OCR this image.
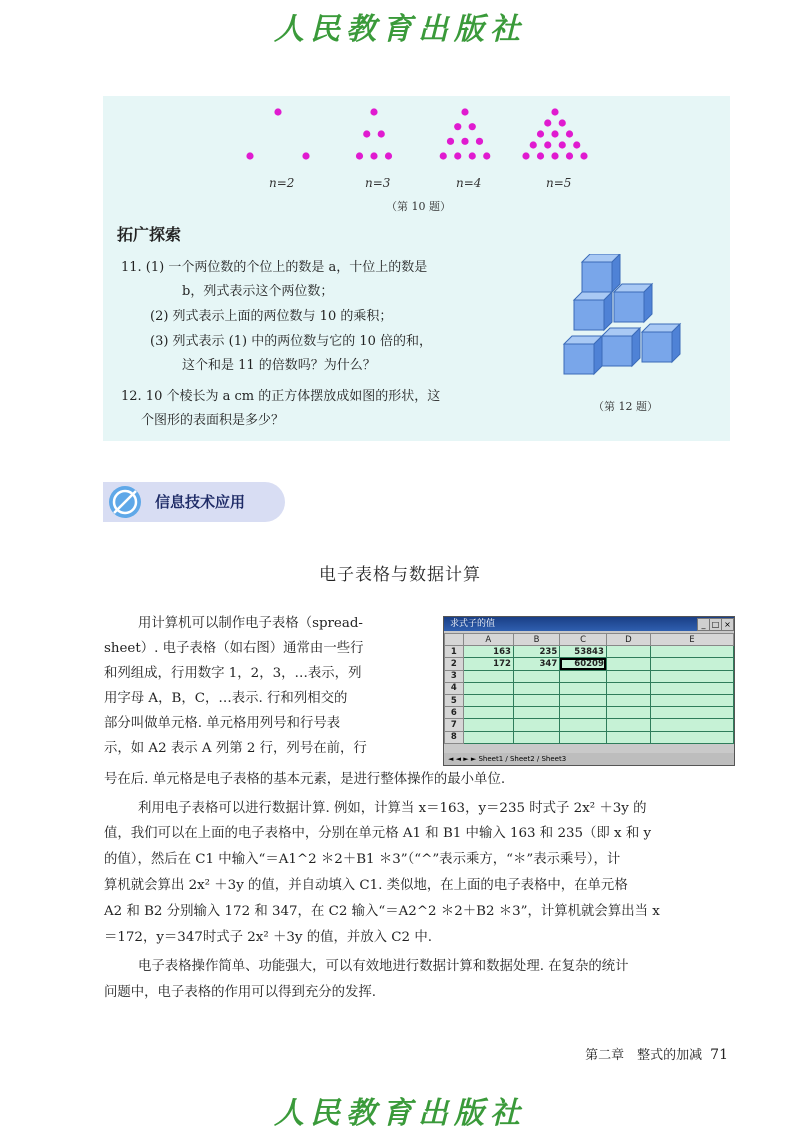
人民教育出版社
n=2	n=3	n=4	n=5
（第 10 题）
拓广探索
11. (1) 一个两位数的个位上的数是 a，十位上的数是
b，列式表示这个两位数；
(2) 列式表示上面的两位数与 10 的乘积；
(3) 列式表示 (1) 中的两位数与它的 10 倍的和，
这个和是 11 的倍数吗？为什么？
12. 10 个棱长为 a cm 的正方体摆放成如图的形状，这
个图形的表面积是多少？
（第 12 题）
信息技术应用
电子表格与数据计算
用计算机可以制作电子表格（spread-
sheet）. 电子表格（如右图）通常由一些行
和列组成，行用数字 1，2，3，…表示，列
用字母 A，B，C，…表示. 行和列相交的
部分叫做单元格. 单元格用列号和行号表
示，如 A2 表示 A 列第 2 行，列号在前，行
号在后. 单元格是电子表格的基本元素，是进行整体操作的最小单位.
求式子的值	_ □ ×
	A	B	C	D	E
1	163	235	53843		
2	172	347	60209		
3					
4					
5					
6					
7					
8					
◄ ◄ ► ► Sheet1 / Sheet2 / Sheet3
利用电子表格可以进行数据计算. 例如，计算当 x＝163，y＝235 时式子 2x² ＋3y 的
值，我们可以在上面的电子表格中，分别在单元格 A1 和 B1 中输入 163 和 235（即 x 和 y
的值），然后在 C1 中输入“＝A1^2 ＊2＋B1 ＊3”（“^”表示乘方，“＊”表示乘号），计
算机就会算出 2x² ＋3y 的值，并自动填入 C1. 类似地，在上面的电子表格中，在单元格
A2 和 B2 分别输入 172 和 347，在 C2 输入“＝A2^2 ＊2＋B2 ＊3”，计算机就会算出当 x
＝172，y＝347时式子 2x² ＋3y 的值，并放入 C2 中.
电子表格操作简单、功能强大，可以有效地进行数据计算和数据处理. 在复杂的统计
问题中，电子表格的作用可以得到充分的发挥.
第二章　整式的加减 71
人民教育出版社
